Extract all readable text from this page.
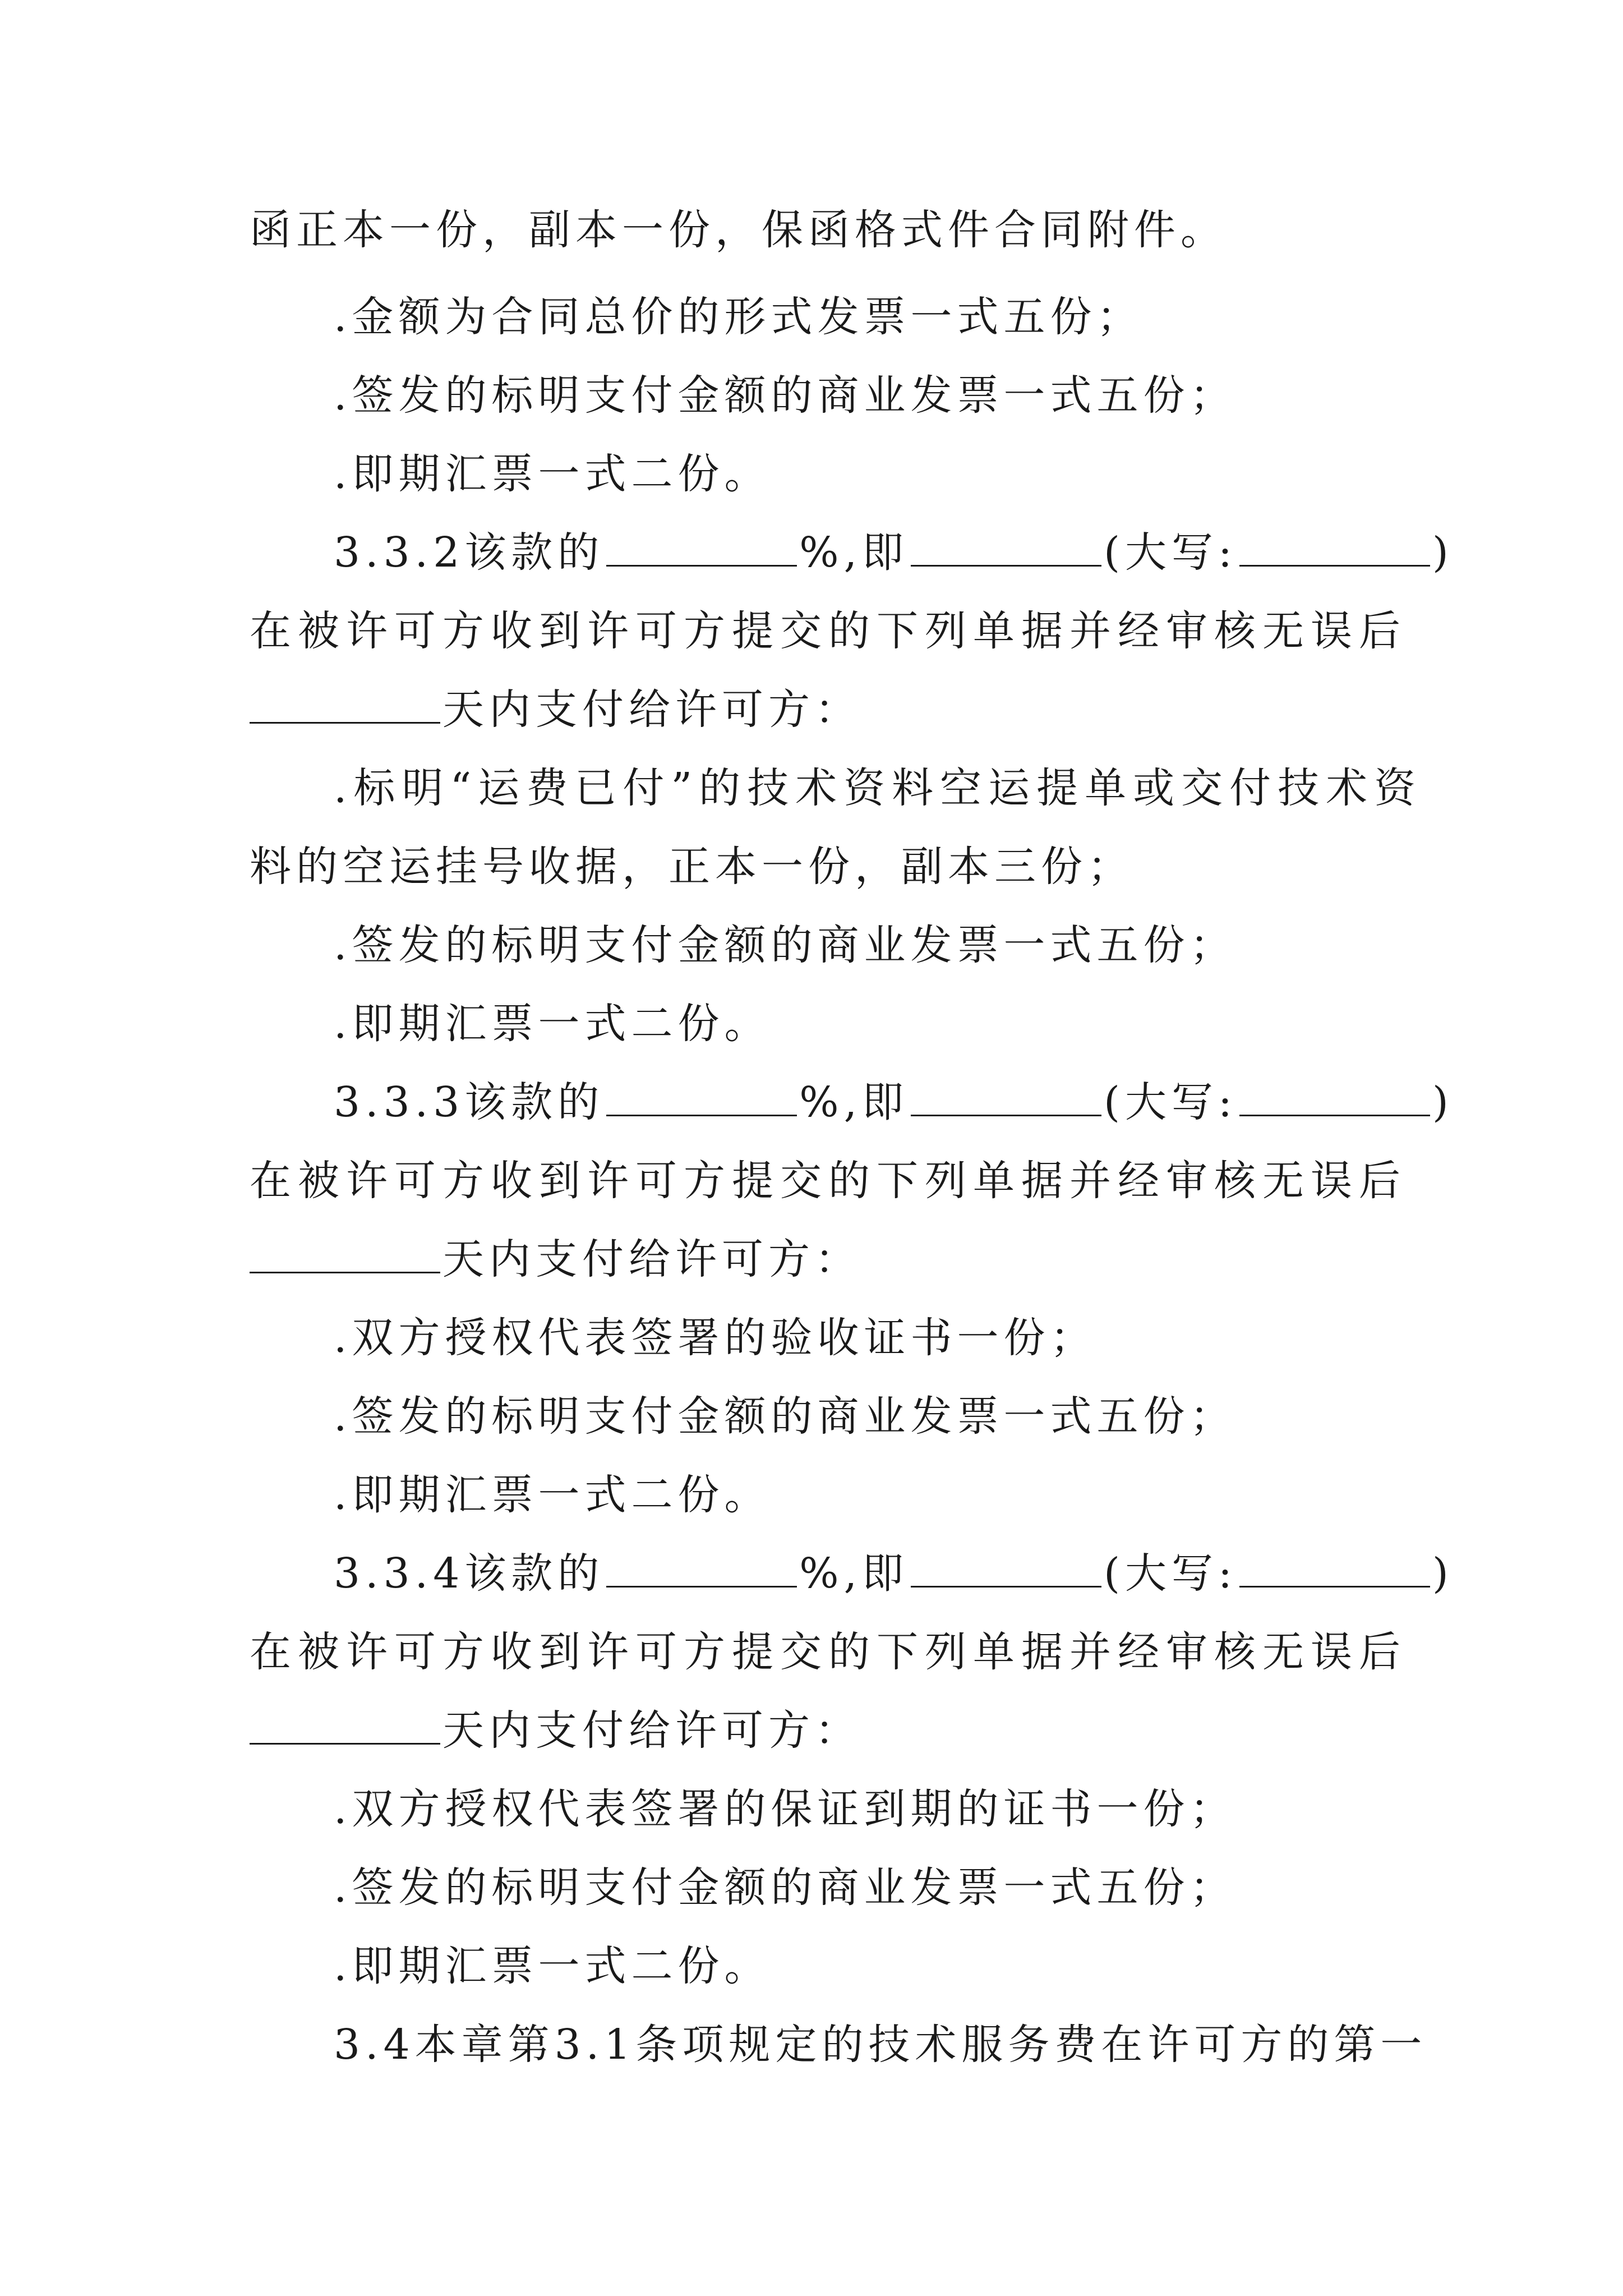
函正本一份，副本一份，保函格式件合同附件。
.金额为合同总价的形式发票一式五份；
.签发的标明支付金额的商业发票一式五份；
.即期汇票一式二份。
3.3.2该款的	%,即	(大写:	)
在被许可方收到许可方提交的下列单据并经审核无误后
天内支付给许可方：
.标明“运费已付”的技术资料空运提单或交付技术资
料的空运挂号收据，正本一份，副本三份；
.签发的标明支付金额的商业发票一式五份；
.即期汇票一式二份。
3.3.3该款的	%,即	(大写:	)
在被许可方收到许可方提交的下列单据并经审核无误后
天内支付给许可方：
.双方授权代表签署的验收证书一份；
.签发的标明支付金额的商业发票一式五份；
.即期汇票一式二份。
3.3.4该款的	%,即	(大写:	)
在被许可方收到许可方提交的下列单据并经审核无误后
天内支付给许可方：
.双方授权代表签署的保证到期的证书一份；
.签发的标明支付金额的商业发票一式五份；
.即期汇票一式二份。
3.4本章第3.1条项规定的技术服务费在许可方的第一
